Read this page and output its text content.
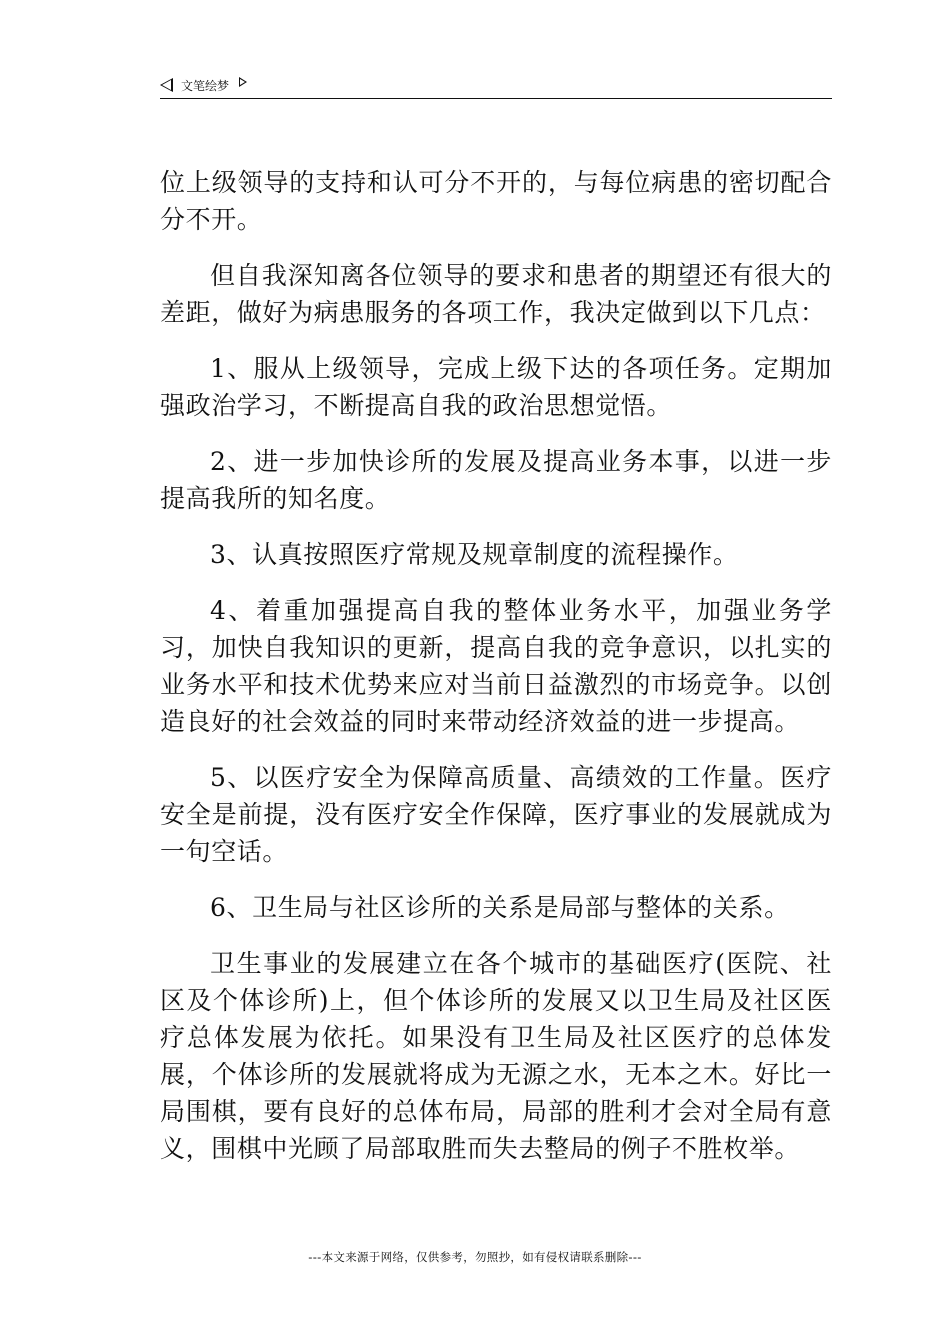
文笔绘梦

位上级领导的支持和认可分不开的，与每位病患的密切配合分不开。

但自我深知离各位领导的要求和患者的期望还有很大的差距，做好为病患服务的各项工作，我决定做到以下几点：

1、服从上级领导，完成上级下达的各项任务。定期加强政治学习，不断提高自我的政治思想觉悟。

2、进一步加快诊所的发展及提高业务本事，以进一步提高我所的知名度。

3、认真按照医疗常规及规章制度的流程操作。

4、着重加强提高自我的整体业务水平，加强业务学习，加快自我知识的更新，提高自我的竞争意识，以扎实的业务水平和技术优势来应对当前日益激烈的市场竞争。以创造良好的社会效益的同时来带动经济效益的进一步提高。

5、以医疗安全为保障高质量、高绩效的工作量。医疗安全是前提，没有医疗安全作保障，医疗事业的发展就成为一句空话。

6、卫生局与社区诊所的关系是局部与整体的关系。

卫生事业的发展建立在各个城市的基础医疗(医院、社区及个体诊所)上，但个体诊所的发展又以卫生局及社区医疗总体发展为依托。如果没有卫生局及社区医疗的总体发展，个体诊所的发展就将成为无源之水，无本之木。好比一局围棋，要有良好的总体布局，局部的胜利才会对全局有意义，围棋中光顾了局部取胜而失去整局的例子不胜枚举。

---本文来源于网络，仅供参考，勿照抄，如有侵权请联系删除---
